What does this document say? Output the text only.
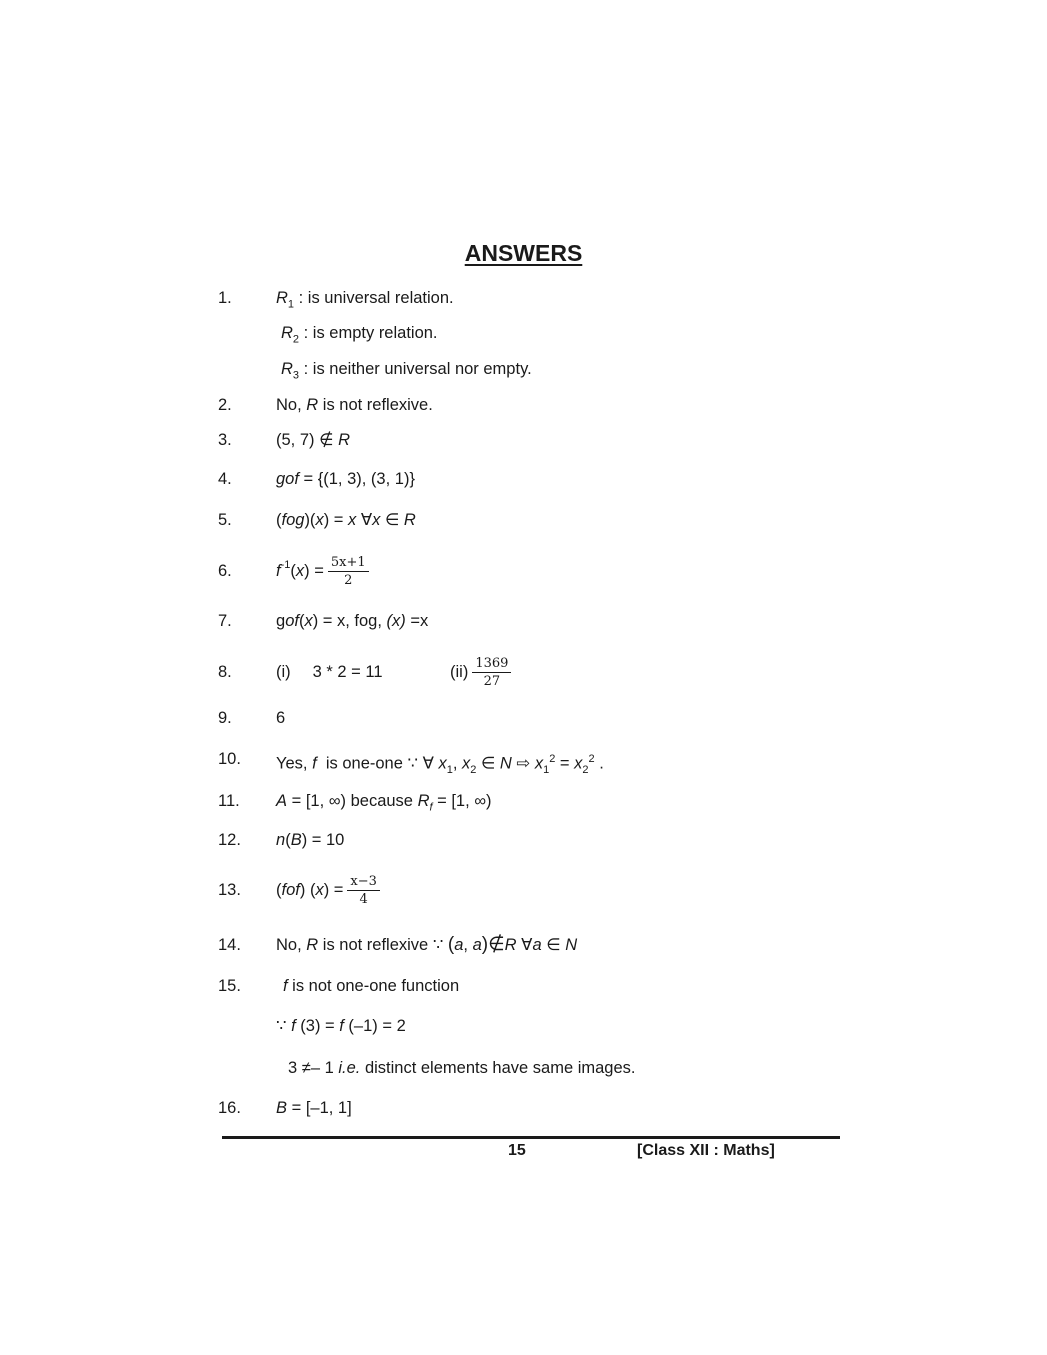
ANSWERS
1.	$R_1$ : is universal relation.
$R_2$ : is empty relation.
$R_3$ : is neither universal nor empty.
2.	No, R is not reflexive.
3.	(5, 7) ∉ R
4.	gof = {(1, 3), (3, 1)}
5.	(fog)(x) = x ∀x ∈ R
6.	f $^{-1}$ ( x ) = $\frac{5x+1}{2}$
7.	gof(x) = x, fog, (x) =x
8.	(i) 3 * 2 = 11	$(ii) \frac{1369}{27}$
9.	6
10. Yes, f  is one-one ∵ ∀ $x_1$, $x_2$ ∈ N ⇨ $x_1^2 = x_2^2$ .
11. A = [1, ∞) because $R_f = [1$, ∞)
12. n(B) = 10
13. ( fof ) ( x ) = $\frac{x-3}{4}$
14. No, R is not reflexive ∵ (a, a)∉R ∀a ∈ N
15.	f is not one-one function
∵ f (3) = f (–1) = 2
3 ≠– 1 i.e. distinct elements have same images.
16. B = [–1, 1]
15	[Class XII : Maths]
